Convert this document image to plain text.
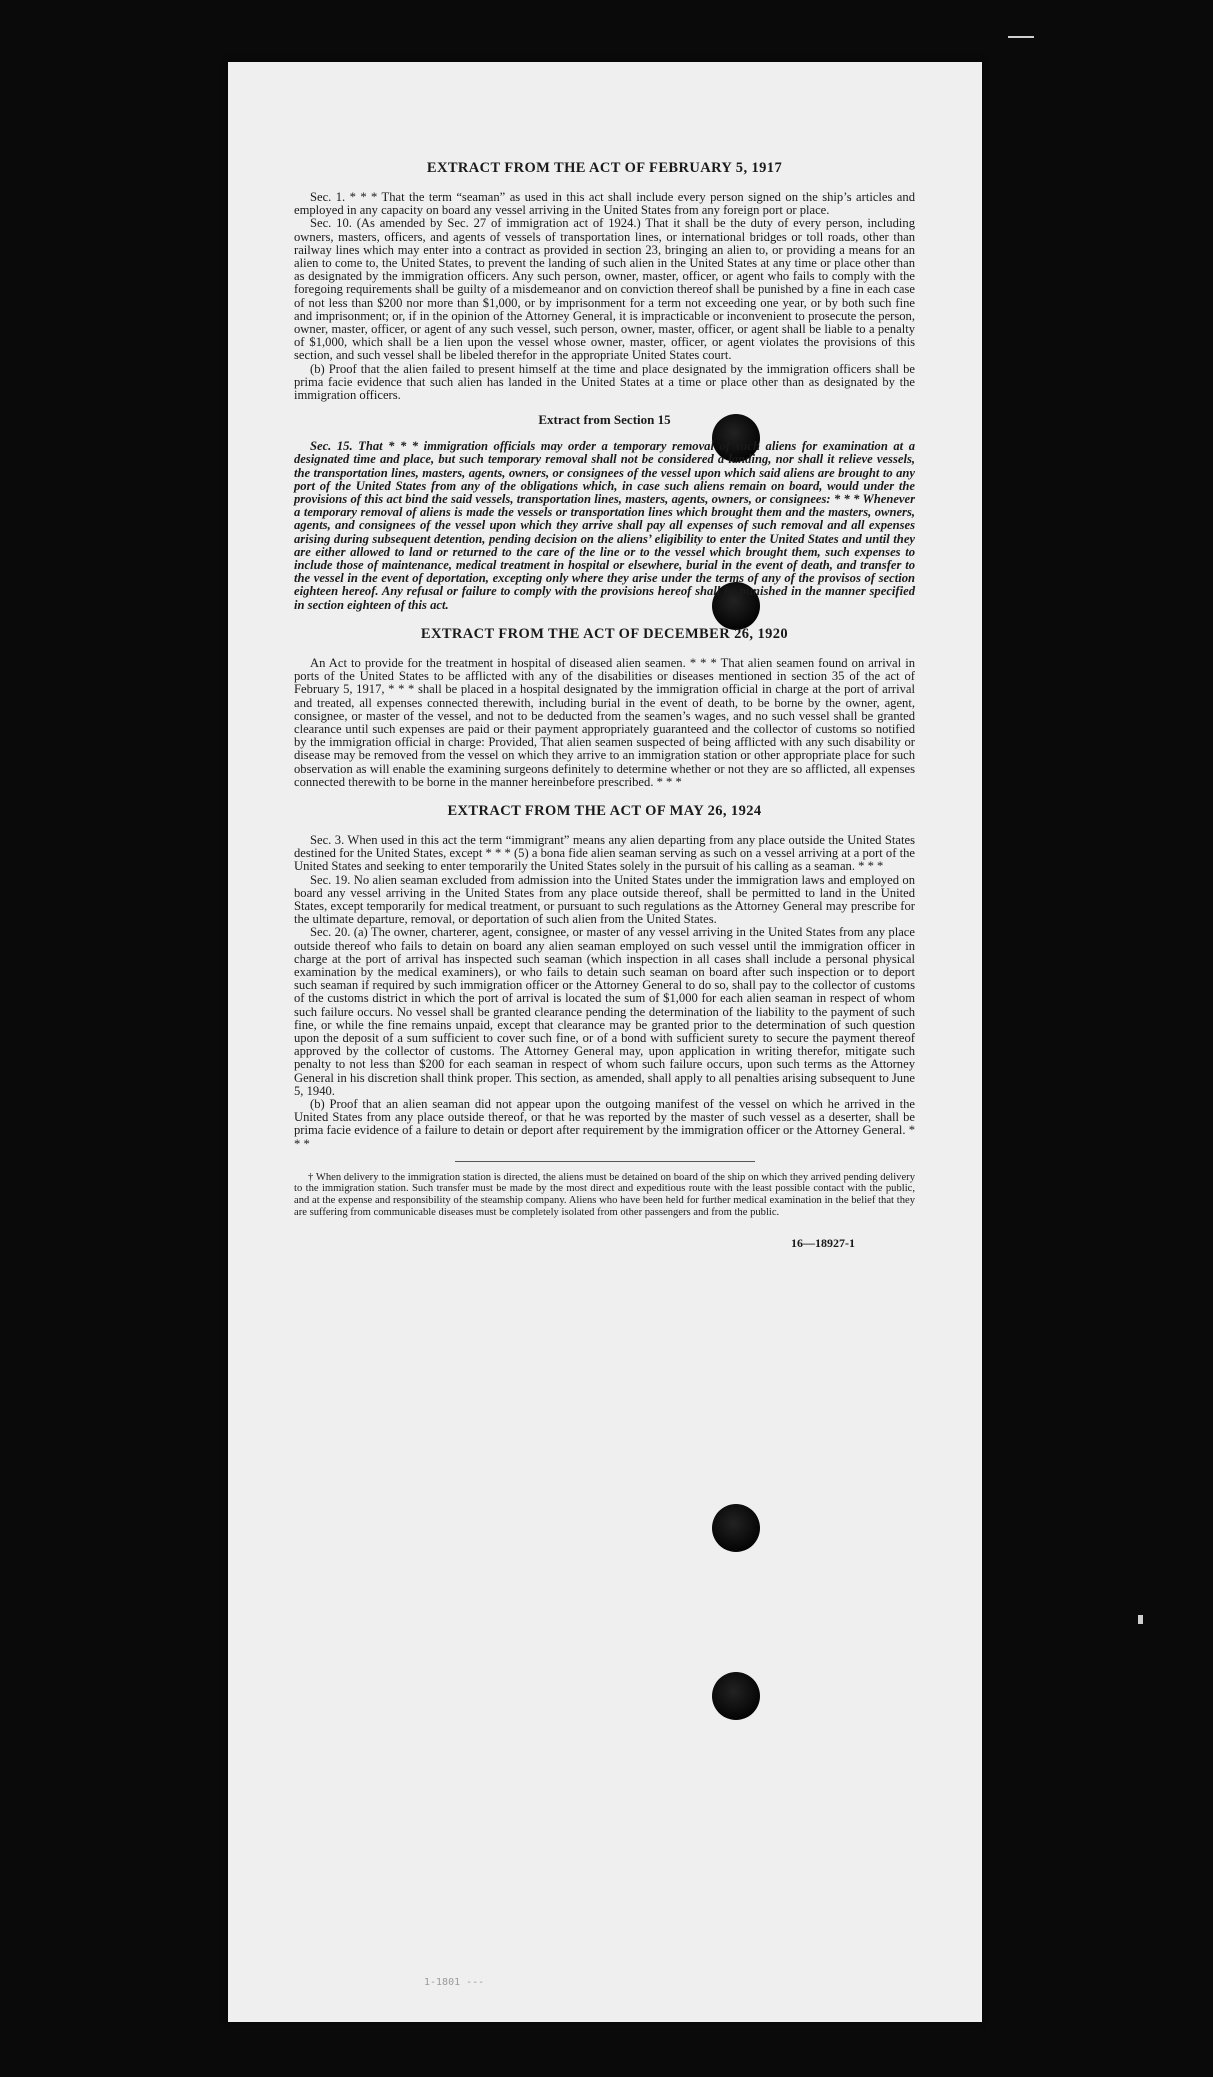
EXTRACT FROM THE ACT OF FEBRUARY 5, 1917

Sec. 1. * * * That the term “seaman” as used in this act shall include every person signed on the ship’s articles and employed in any capacity on board any vessel arriving in the United States from any foreign port or place.

Sec. 10. (As amended by Sec. 27 of immigration act of 1924.) That it shall be the duty of every person, including owners, masters, officers, and agents of vessels of transportation lines, or international bridges or toll roads, other than railway lines which may enter into a contract as provided in section 23, bringing an alien to, or providing a means for an alien to come to, the United States, to prevent the landing of such alien in the United States at any time or place other than as designated by the immigration officers. Any such person, owner, master, officer, or agent who fails to comply with the foregoing requirements shall be guilty of a misdemeanor and on conviction thereof shall be punished by a fine in each case of not less than $200 nor more than $1,000, or by imprisonment for a term not exceeding one year, or by both such fine and imprisonment; or, if in the opinion of the Attorney General, it is impracticable or inconvenient to prosecute the person, owner, master, officer, or agent of any such vessel, such person, owner, master, officer, or agent shall be liable to a penalty of $1,000, which shall be a lien upon the vessel whose owner, master, officer, or agent violates the provisions of this section, and such vessel shall be libeled therefor in the appropriate United States court.

(b) Proof that the alien failed to present himself at the time and place designated by the immigration officers shall be prima facie evidence that such alien has landed in the United States at a time or place other than as designated by the immigration officers.

Extract from Section 15

Sec. 15. That * * * immigration officials may order a temporary removal of such aliens for examination at a designated time and place, but such temporary removal shall not be considered a landing, nor shall it relieve vessels, the transportation lines, masters, agents, owners, or consignees of the vessel upon which said aliens are brought to any port of the United States from any of the obligations which, in case such aliens remain on board, would under the provisions of this act bind the said vessels, transportation lines, masters, agents, owners, or consignees: * * * Whenever a temporary removal of aliens is made the vessels or transportation lines which brought them and the masters, owners, agents, and consignees of the vessel upon which they arrive shall pay all expenses of such removal and all expenses arising during subsequent detention, pending decision on the aliens’ eligibility to enter the United States and until they are either allowed to land or returned to the care of the line or to the vessel which brought them, such expenses to include those of maintenance, medical treatment in hospital or elsewhere, burial in the event of death, and transfer to the vessel in the event of deportation, excepting only where they arise under the terms of any of the provisos of section eighteen hereof. Any refusal or failure to comply with the provisions hereof shall be punished in the manner specified in section eighteen of this act.

EXTRACT FROM THE ACT OF DECEMBER 26, 1920

An Act to provide for the treatment in hospital of diseased alien seamen. * * * That alien seamen found on arrival in ports of the United States to be afflicted with any of the disabilities or diseases mentioned in section 35 of the act of February 5, 1917, * * * shall be placed in a hospital designated by the immigration official in charge at the port of arrival and treated, all expenses connected therewith, including burial in the event of death, to be borne by the owner, agent, consignee, or master of the vessel, and not to be deducted from the seamen’s wages, and no such vessel shall be granted clearance until such expenses are paid or their payment appropriately guaranteed and the collector of customs so notified by the immigration official in charge: Provided, That alien seamen suspected of being afflicted with any such disability or disease may be removed from the vessel on which they arrive to an immigration station or other appropriate place for such observation as will enable the examining surgeons definitely to determine whether or not they are so afflicted, all expenses connected therewith to be borne in the manner hereinbefore prescribed. * * *

EXTRACT FROM THE ACT OF MAY 26, 1924

Sec. 3. When used in this act the term “immigrant” means any alien departing from any place outside the United States destined for the United States, except * * * (5) a bona fide alien seaman serving as such on a vessel arriving at a port of the United States and seeking to enter temporarily the United States solely in the pursuit of his calling as a seaman. * * *

Sec. 19. No alien seaman excluded from admission into the United States under the immigration laws and employed on board any vessel arriving in the United States from any place outside thereof, shall be permitted to land in the United States, except temporarily for medical treatment, or pursuant to such regulations as the Attorney General may prescribe for the ultimate departure, removal, or deportation of such alien from the United States.

Sec. 20. (a) The owner, charterer, agent, consignee, or master of any vessel arriving in the United States from any place outside thereof who fails to detain on board any alien seaman employed on such vessel until the immigration officer in charge at the port of arrival has inspected such seaman (which inspection in all cases shall include a personal physical examination by the medical examiners), or who fails to detain such seaman on board after such inspection or to deport such seaman if required by such immigration officer or the Attorney General to do so, shall pay to the collector of customs of the customs district in which the port of arrival is located the sum of $1,000 for each alien seaman in respect of whom such failure occurs. No vessel shall be granted clearance pending the determination of the liability to the payment of such fine, or while the fine remains unpaid, except that clearance may be granted prior to the determination of such question upon the deposit of a sum sufficient to cover such fine, or of a bond with sufficient surety to secure the payment thereof approved by the collector of customs. The Attorney General may, upon application in writing therefor, mitigate such penalty to not less than $200 for each seaman in respect of whom such failure occurs, upon such terms as the Attorney General in his discretion shall think proper. This section, as amended, shall apply to all penalties arising subsequent to June 5, 1940.

(b) Proof that an alien seaman did not appear upon the outgoing manifest of the vessel on which he arrived in the United States from any place outside thereof, or that he was reported by the master of such vessel as a deserter, shall be prima facie evidence of a failure to detain or deport after requirement by the immigration officer or the Attorney General. * * *

† When delivery to the immigration station is directed, the aliens must be detained on board of the ship on which they arrived pending delivery to the immigration station. Such transfer must be made by the most direct and expeditious route with the least possible contact with the public, and at the expense and responsibility of the steamship company. Aliens who have been held for further medical examination in the belief that they are suffering from communicable diseases must be completely isolated from other passengers and from the public.

16—18927-1
1-1801 ---
